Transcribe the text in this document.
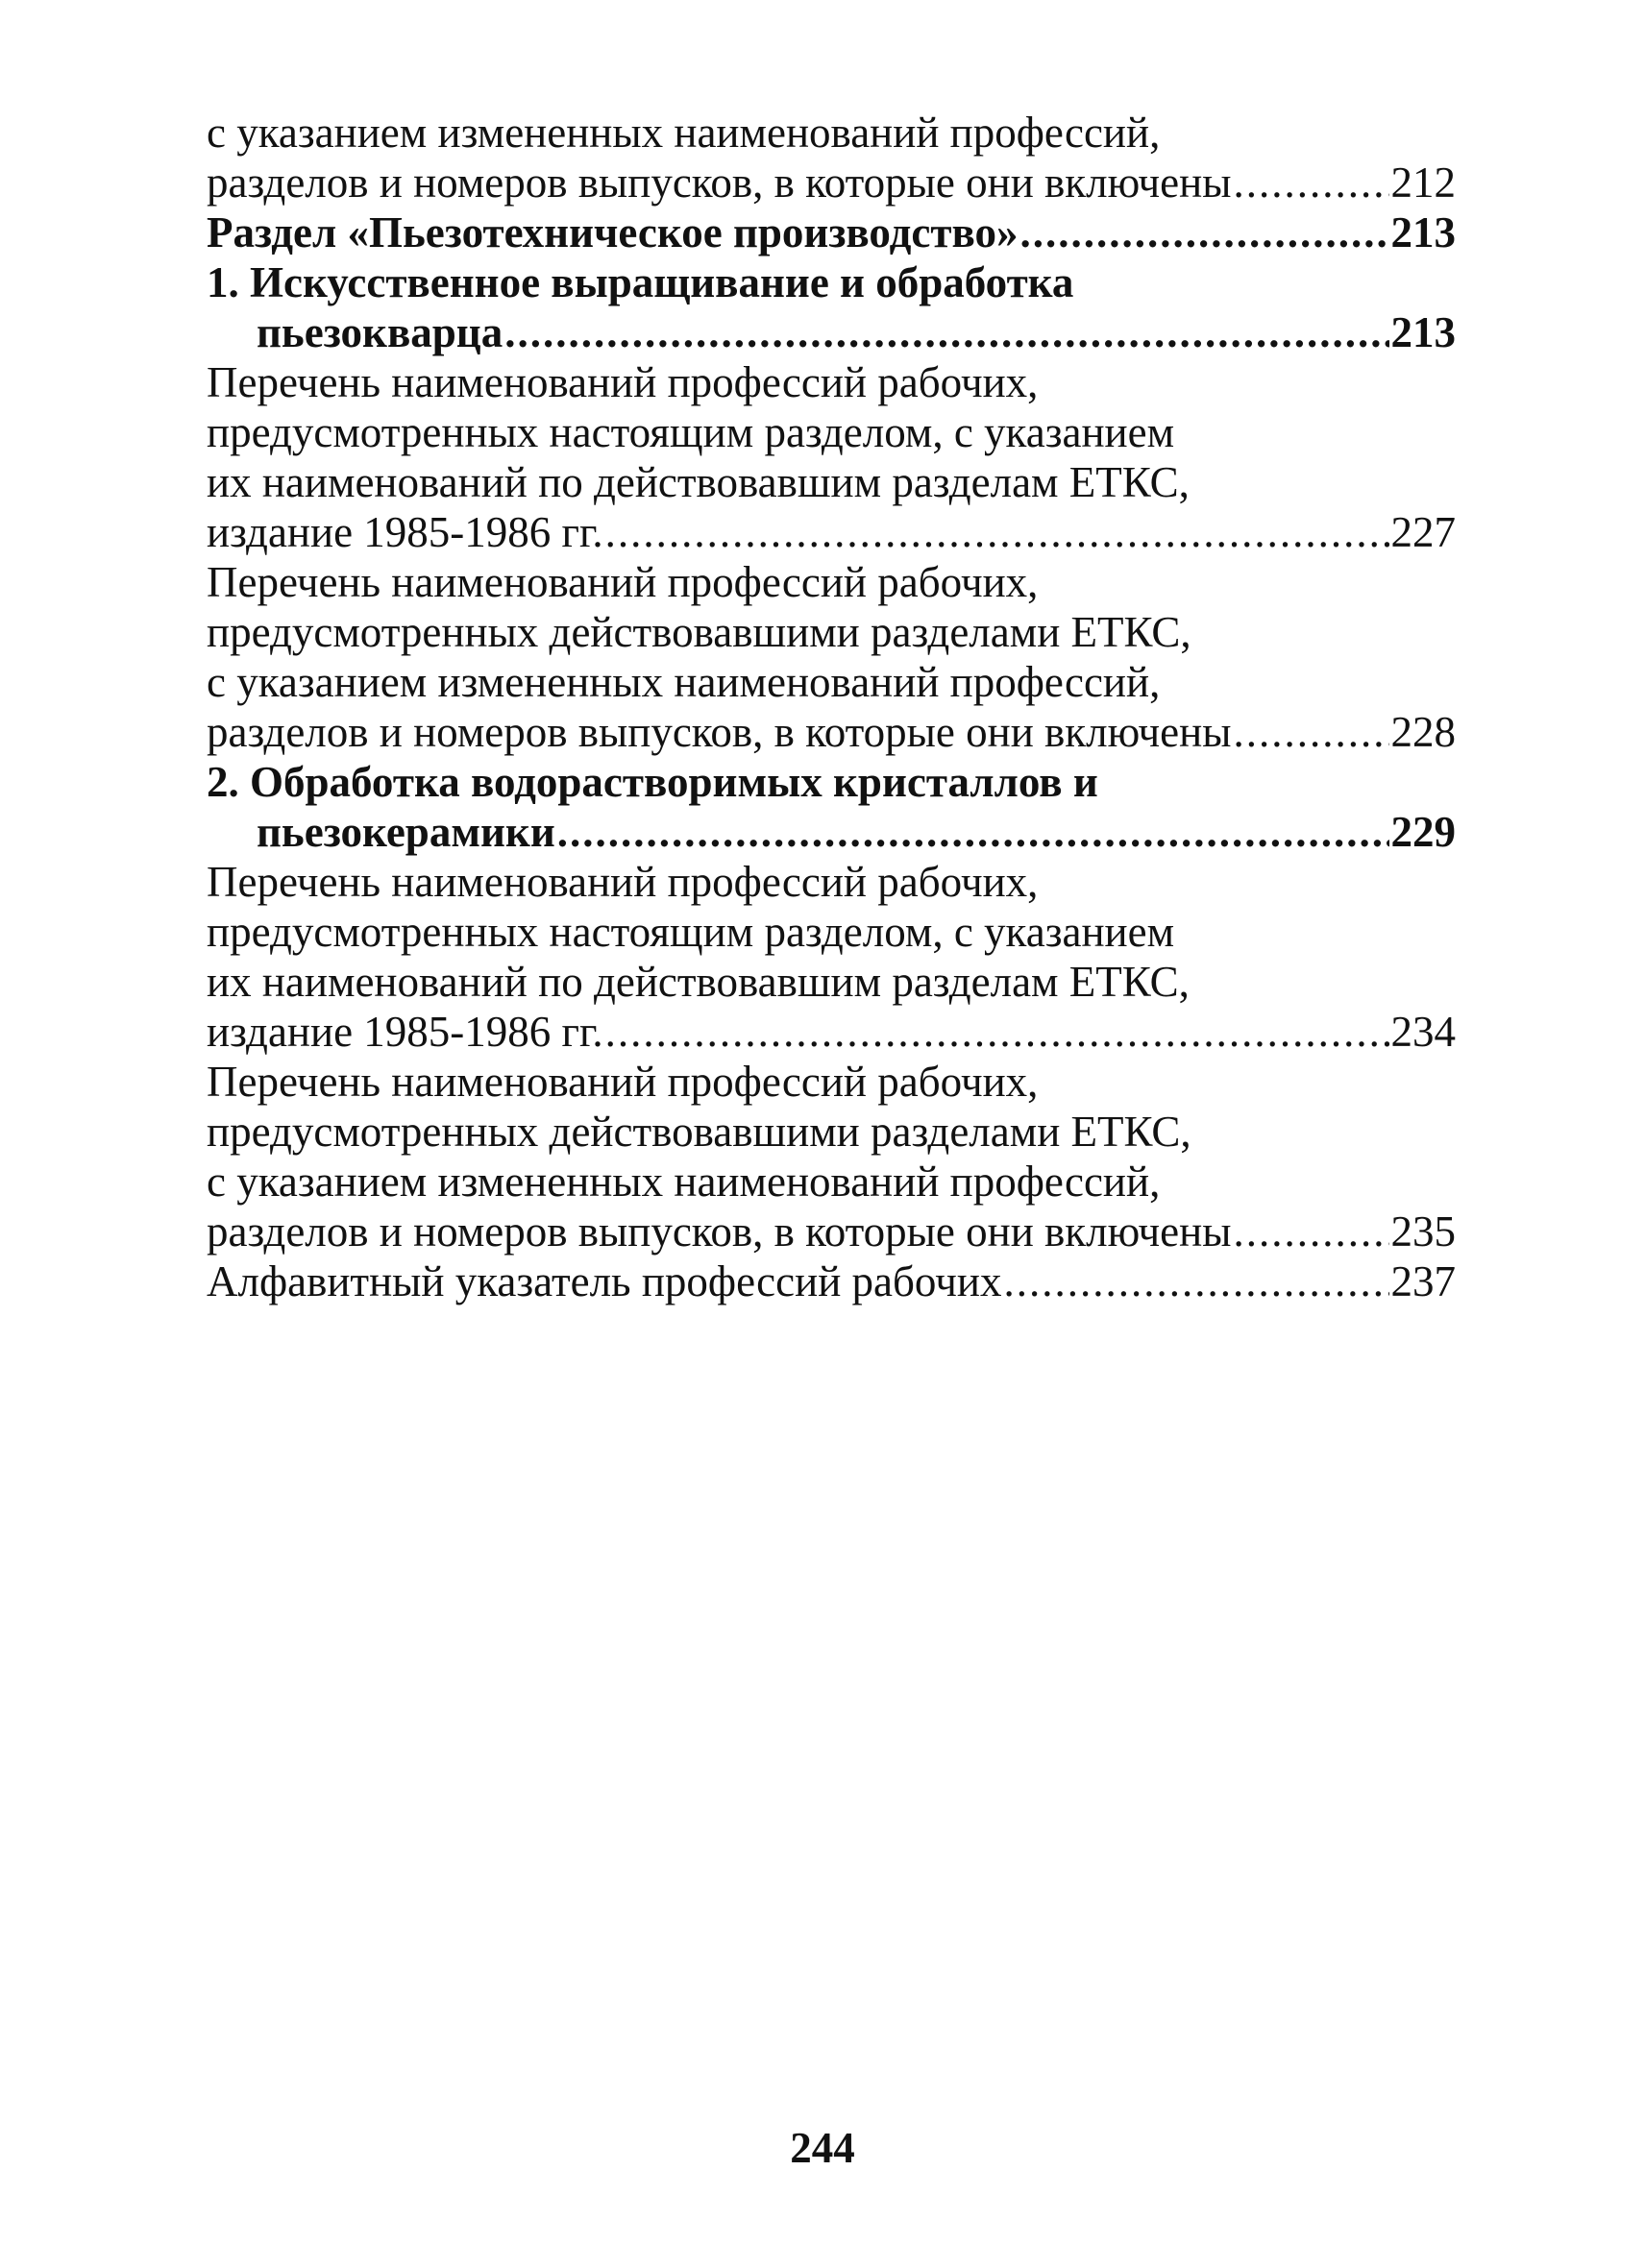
с указанием измененных наименований профессий,
разделов и номеров выпусков, в которые они включены .....	212
Раздел «Пьезотехническое производство» .....	213
1. Искусственное выращивание и обработка
пьезокварца .....	213
Перечень наименований профессий рабочих,
предусмотренных настоящим разделом, с указанием
их наименований по действовавшим разделам ЕТКС,
издание 1985-1986 гг. .....	227
Перечень наименований профессий рабочих,
предусмотренных действовавшими разделами ЕТКС,
с указанием измененных наименований профессий,
разделов и номеров выпусков, в которые они включены .....	228
2. Обработка водорастворимых кристаллов и
пьезокерамики .....	229
Перечень наименований профессий рабочих,
предусмотренных настоящим разделом, с указанием
их наименований по действовавшим разделам ЕТКС,
издание 1985-1986 гг. .....	234
Перечень наименований профессий рабочих,
предусмотренных действовавшими разделами ЕТКС,
с указанием измененных наименований профессий,
разделов и номеров выпусков, в которые они включены .....	235
Алфавитный указатель профессий рабочих .....	237
244
